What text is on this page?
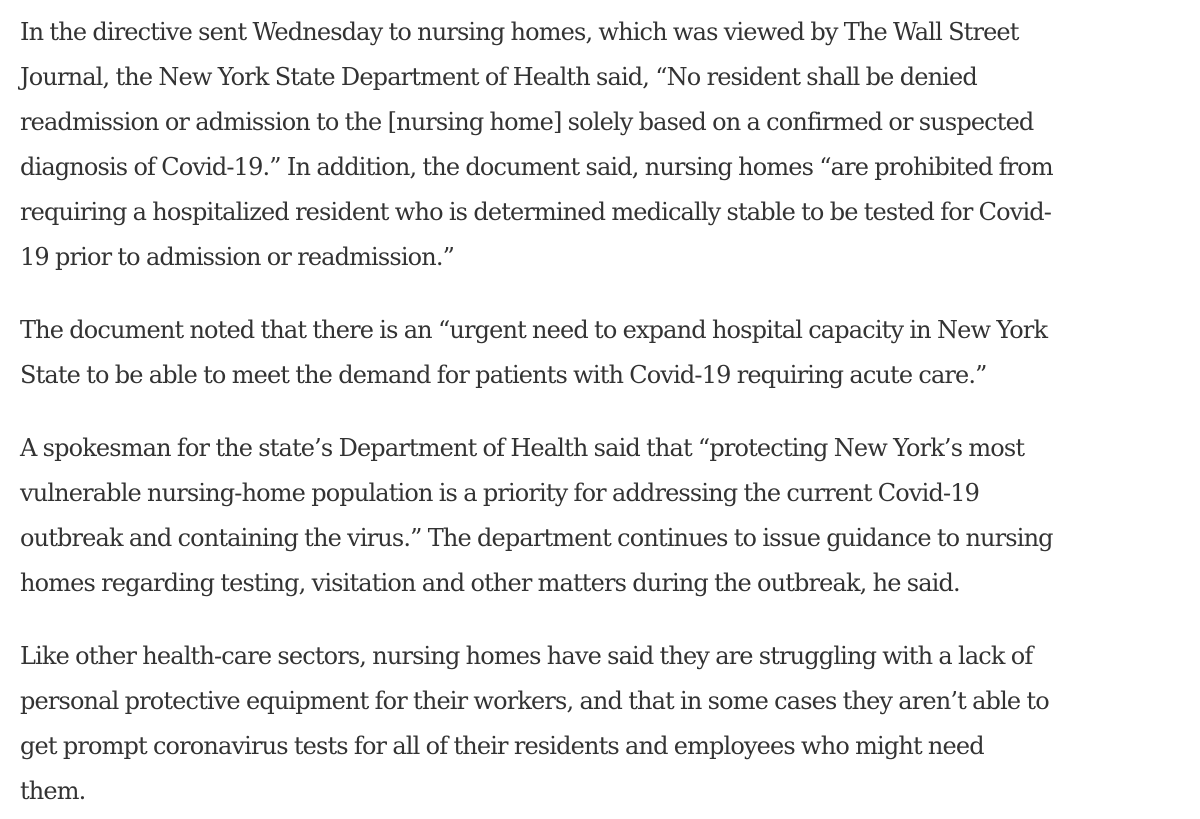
In the directive sent Wednesday to nursing homes, which was viewed by The Wall Street
Journal, the New York State Department of Health said, “No resident shall be denied
readmission or admission to the [nursing home] solely based on a confirmed or suspected
diagnosis of Covid-19.” In addition, the document said, nursing homes “are prohibited from
requiring a hospitalized resident who is determined medically stable to be tested for Covid-
19 prior to admission or readmission.”

The document noted that there is an “urgent need to expand hospital capacity in New York
State to be able to meet the demand for patients with Covid-19 requiring acute care.”

A spokesman for the state’s Department of Health said that “protecting New York’s most
vulnerable nursing-home population is a priority for addressing the current Covid-19
outbreak and containing the virus.” The department continues to issue guidance to nursing
homes regarding testing, visitation and other matters during the outbreak, he said.

Like other health-care sectors, nursing homes have said they are struggling with a lack of
personal protective equipment for their workers, and that in some cases they aren’t able to
get prompt coronavirus tests for all of their residents and employees who might need
them.
